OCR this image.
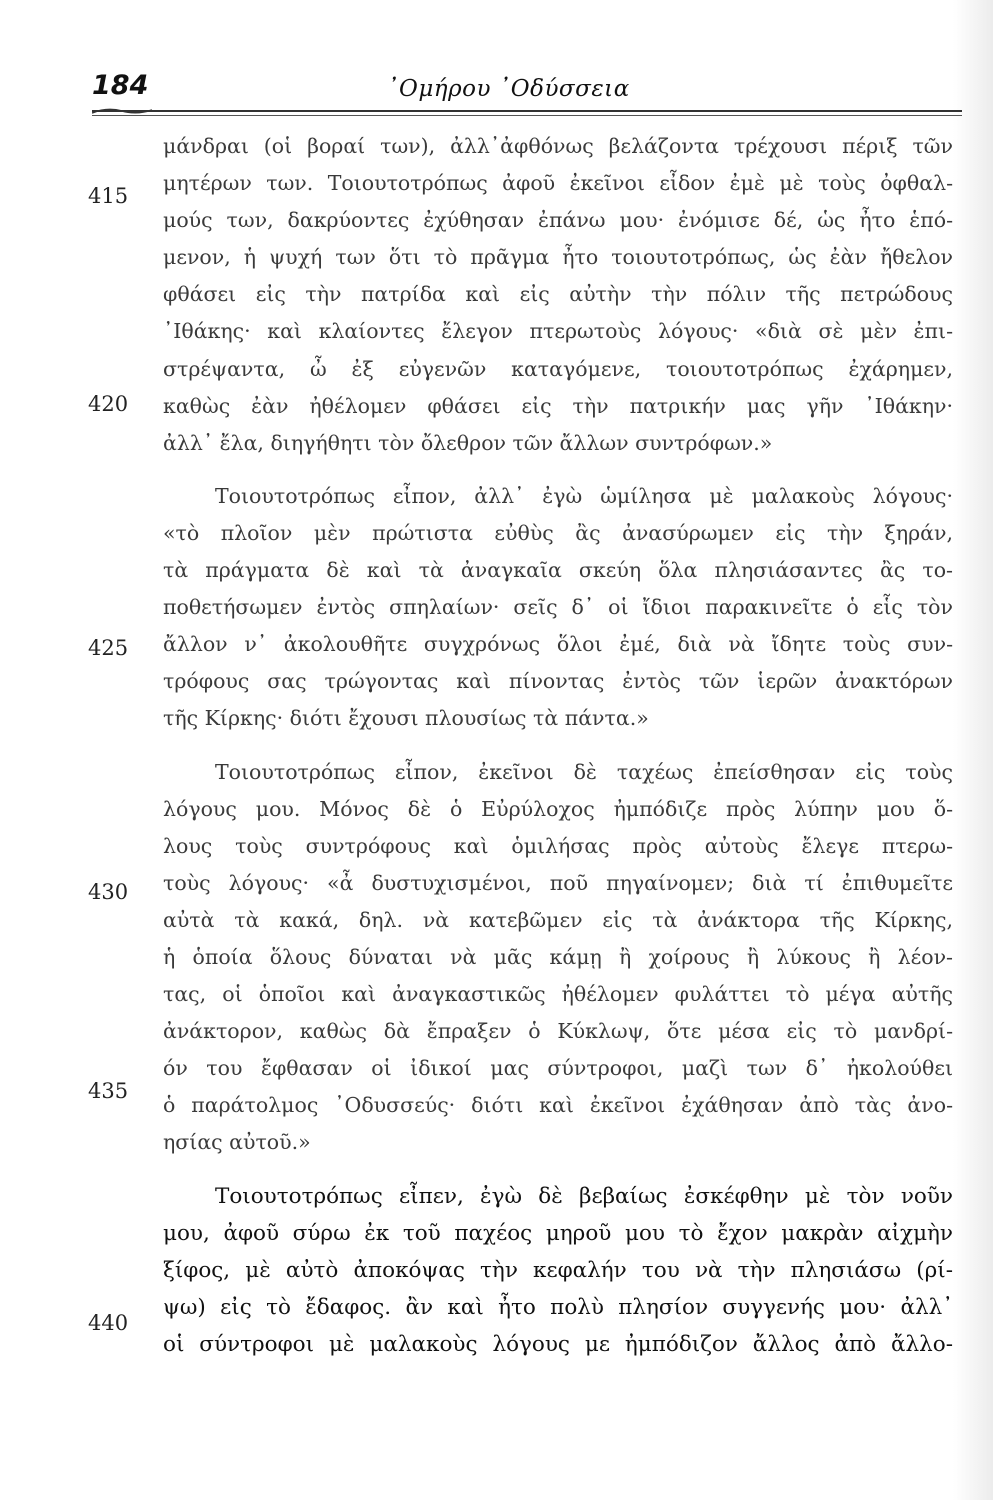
184	᾿Ομήρου ᾿Οδύσσεια
415
420
425
430
435
440
μάνδραι (οἱ βοραί των), ἀλλ᾿ἀφθόνως βελάζοντα τρέχουσι πέριξ τῶν
μητέρων των. Τοιουτοτρόπως ἀφοῦ ἐκεῖνοι εἶδον ἐμὲ μὲ τοὺς ὀφθαλ-
μούς των, δακρύοντες ἐχύθησαν ἐπάνω μου· ἐνόμισε δέ, ὡς ἦτο ἑπό-
μενον, ἡ ψυχή των ὅτι τὸ πρᾶγμα ἦτο τοιουτοτρόπως, ὡς ἐὰν ἤθελον
φθάσει εἰς τὴν πατρίδα καὶ εἰς αὐτὴν τὴν πόλιν τῆς πετρώδους
᾿Ιθάκης· καὶ κλαίοντες ἔλεγον πτερωτοὺς λόγους· «διὰ σὲ μὲν ἐπι-
στρέψαντα, ὦ ἐξ εὐγενῶν καταγόμενε, τοιουτοτρόπως ἐχάρημεν,
καθὼς ἐὰν ἠθέλομεν φθάσει εἰς τὴν πατρικήν μας γῆν ᾿Ιθάκην·
ἀλλ᾿ ἔλα, διηγήθητι τὸν ὄλεθρον τῶν ἄλλων συντρόφων.»
Τοιουτοτρόπως εἶπον, ἀλλ᾿ ἐγὼ ὡμίλησα μὲ μαλακοὺς λόγους·
«τὸ πλοῖον μὲν πρώτιστα εὐθὺς ἂς ἀνασύρωμεν εἰς τὴν ξηράν,
τὰ πράγματα δὲ καὶ τὰ ἀναγκαῖα σκεύη ὅλα πλησιάσαντες ἂς το-
ποθετήσωμεν ἐντὸς σπηλαίων· σεῖς δ᾿ οἱ ἴδιοι παρακινεῖτε ὁ εἷς τὸν
ἄλλον ν᾿ ἀκολουθῆτε συγχρόνως ὅλοι ἐμέ, διὰ νὰ ἴδητε τοὺς συν-
τρόφους σας τρώγοντας καὶ πίνοντας ἐντὸς τῶν ἱερῶν ἀνακτόρων
τῆς Κίρκης· διότι ἔχουσι πλουσίως τὰ πάντα.»
Τοιουτοτρόπως εἶπον, ἐκεῖνοι δὲ ταχέως ἐπείσθησαν εἰς τοὺς
λόγους μου. Μόνος δὲ ὁ Εὐρύλοχος ἠμπόδιζε πρὸς λύπην μου ὅ-
λους τοὺς συντρόφους καὶ ὁμιλήσας πρὸς αὐτοὺς ἔλεγε πτερω-
τοὺς λόγους· «ἆ δυστυχισμένοι, ποῦ πηγαίνομεν; διὰ τί ἐπιθυμεῖτε
αὐτὰ τὰ κακά, δηλ. νὰ κατεβῶμεν εἰς τὰ ἀνάκτορα τῆς Κίρκης,
ἡ ὁποία ὅλους δύναται νὰ μᾶς κάμῃ ἢ χοίρους ἢ λύκους ἢ λέον-
τας, οἱ ὁποῖοι καὶ ἀναγκαστικῶς ἠθέλομεν φυλάττει τὸ μέγα αὐτῆς
ἀνάκτορον, καθὼς δὰ ἔπραξεν ὁ Κύκλωψ, ὅτε μέσα εἰς τὸ μανδρί-
όν του ἔφθασαν οἱ ἰδικοί μας σύντροφοι, μαζὶ των δ᾿ ἠκολούθει
ὁ παράτολμος ᾿Οδυσσεύς· διότι καὶ ἐκεῖνοι ἐχάθησαν ἀπὸ τὰς ἀνο-
ησίας αὐτοῦ.»
Τοιουτοτρόπως εἶπεν, ἐγὼ δὲ βεβαίως ἐσκέφθην μὲ τὸν νοῦν
μου, ἀφοῦ σύρω ἐκ τοῦ παχέος μηροῦ μου τὸ ἔχον μακρὰν αἰχμὴν
ξίφος, μὲ αὐτὸ ἀποκόψας τὴν κεφαλήν του νὰ τὴν πλησιάσω (ρί-
ψω) εἰς τὸ ἔδαφος. ἂν καὶ ἦτο πολὺ πλησίον συγγενής μου· ἀλλ᾿
οἱ σύντροφοι μὲ μαλακοὺς λόγους με ἠμπόδιζον ἄλλος ἀπὸ ἄλλο-
